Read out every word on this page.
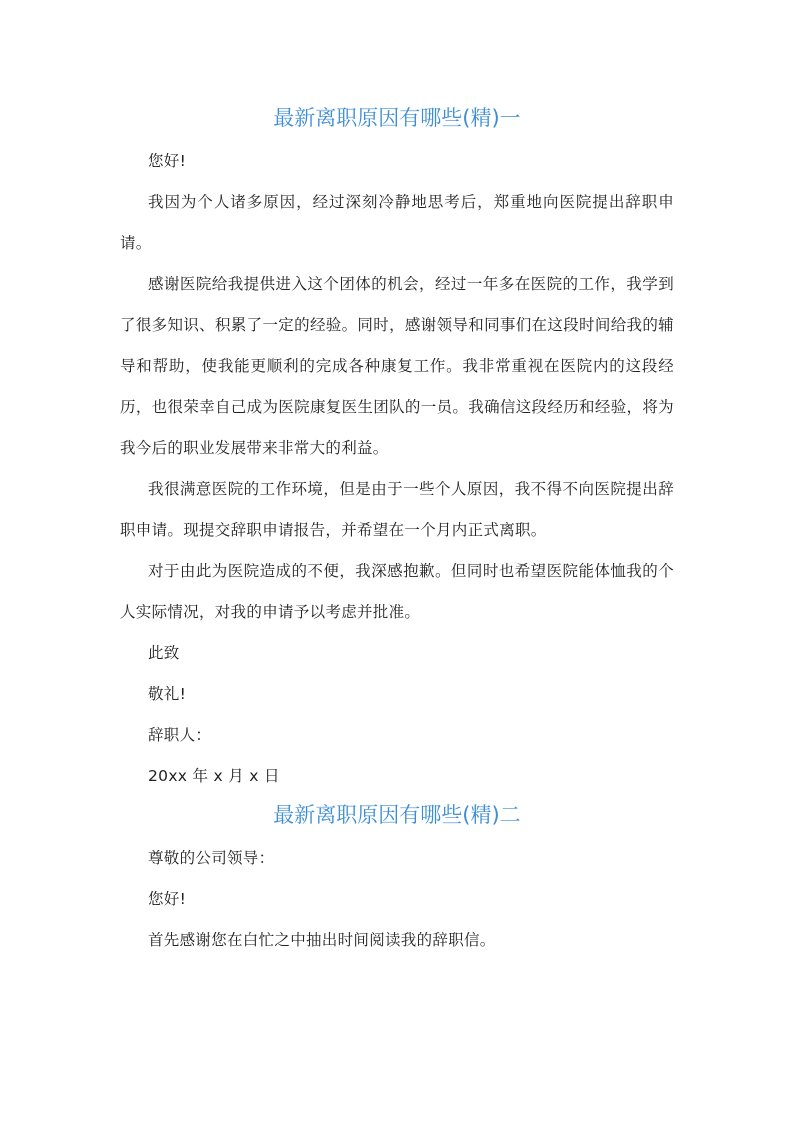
最新离职原因有哪些(精)一

您好!

我因为个人诸多原因，经过深刻冷静地思考后，郑重地向医院提出辞职申请。

感谢医院给我提供进入这个团体的机会，经过一年多在医院的工作，我学到了很多知识、积累了一定的经验。同时，感谢领导和同事们在这段时间给我的辅导和帮助，使我能更顺利的完成各种康复工作。我非常重视在医院内的这段经历，也很荣幸自己成为医院康复医生团队的一员。我确信这段经历和经验，将为我今后的职业发展带来非常大的利益。

我很满意医院的工作环境，但是由于一些个人原因，我不得不向医院提出辞职申请。现提交辞职申请报告，并希望在一个月内正式离职。

对于由此为医院造成的不便，我深感抱歉。但同时也希望医院能体恤我的个人实际情况，对我的申请予以考虑并批准。

此致

敬礼!

辞职人：

20xx 年 x 月 x 日

最新离职原因有哪些(精)二

尊敬的公司领导：

您好!

首先感谢您在白忙之中抽出时间阅读我的辞职信。
